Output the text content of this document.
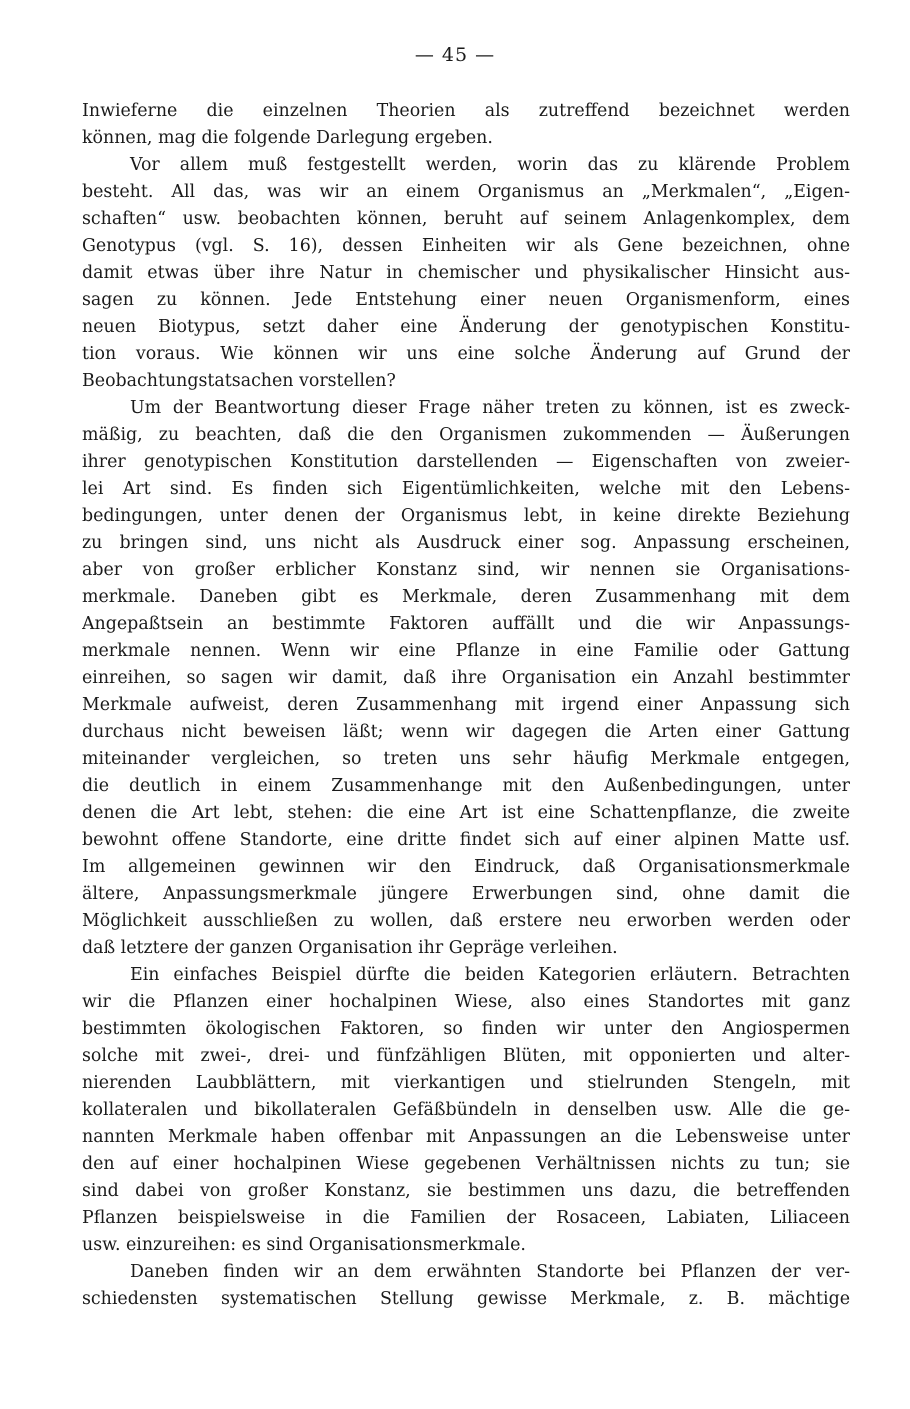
— 45 —
Inwieferne die einzelnen Theorien als zutreffend bezeichnet werden
können, mag die folgende Darlegung ergeben.
Vor allem muß festgestellt werden, worin das zu klärende Problem
besteht. All das, was wir an einem Organismus an „Merkmalen“, „Eigen-
schaften“ usw. beobachten können, beruht auf seinem Anlagenkomplex, dem
Genotypus (vgl. S. 16), dessen Einheiten wir als Gene bezeichnen, ohne
damit etwas über ihre Natur in chemischer und physikalischer Hinsicht aus-
sagen zu können. Jede Entstehung einer neuen Organismenform, eines
neuen Biotypus, setzt daher eine Änderung der genotypischen Konstitu-
tion voraus. Wie können wir uns eine solche Änderung auf Grund der
Beobachtungstatsachen vorstellen?
Um der Beantwortung dieser Frage näher treten zu können, ist es zweck-
mäßig, zu beachten, daß die den Organismen zukommenden — Äußerungen
ihrer genotypischen Konstitution darstellenden — Eigenschaften von zweier-
lei Art sind. Es finden sich Eigentümlichkeiten, welche mit den Lebens-
bedingungen, unter denen der Organismus lebt, in keine direkte Beziehung
zu bringen sind, uns nicht als Ausdruck einer sog. Anpassung erscheinen,
aber von großer erblicher Konstanz sind, wir nennen sie Organisations-
merkmale. Daneben gibt es Merkmale, deren Zusammenhang mit dem
Angepaßtsein an bestimmte Faktoren auffällt und die wir Anpassungs-
merkmale nennen. Wenn wir eine Pflanze in eine Familie oder Gattung
einreihen, so sagen wir damit, daß ihre Organisation ein Anzahl bestimmter
Merkmale aufweist, deren Zusammenhang mit irgend einer Anpassung sich
durchaus nicht beweisen läßt; wenn wir dagegen die Arten einer Gattung
miteinander vergleichen, so treten uns sehr häufig Merkmale entgegen,
die deutlich in einem Zusammenhange mit den Außenbedingungen, unter
denen die Art lebt, stehen: die eine Art ist eine Schattenpflanze, die zweite
bewohnt offene Standorte, eine dritte findet sich auf einer alpinen Matte usf.
Im allgemeinen gewinnen wir den Eindruck, daß Organisationsmerkmale
ältere, Anpassungsmerkmale jüngere Erwerbungen sind, ohne damit die
Möglichkeit ausschließen zu wollen, daß erstere neu erworben werden oder
daß letztere der ganzen Organisation ihr Gepräge verleihen.
Ein einfaches Beispiel dürfte die beiden Kategorien erläutern. Betrachten
wir die Pflanzen einer hochalpinen Wiese, also eines Standortes mit ganz
bestimmten ökologischen Faktoren, so finden wir unter den Angiospermen
solche mit zwei-, drei- und fünfzähligen Blüten, mit opponierten und alter-
nierenden Laubblättern, mit vierkantigen und stielrunden Stengeln, mit
kollateralen und bikollateralen Gefäßbündeln in denselben usw. Alle die ge-
nannten Merkmale haben offenbar mit Anpassungen an die Lebensweise unter
den auf einer hochalpinen Wiese gegebenen Verhältnissen nichts zu tun; sie
sind dabei von großer Konstanz, sie bestimmen uns dazu, die betreffenden
Pflanzen beispielsweise in die Familien der Rosaceen, Labiaten, Liliaceen
usw. einzureihen: es sind Organisationsmerkmale.
Daneben finden wir an dem erwähnten Standorte bei Pflanzen der ver-
schiedensten systematischen Stellung gewisse Merkmale, z. B. mächtige
